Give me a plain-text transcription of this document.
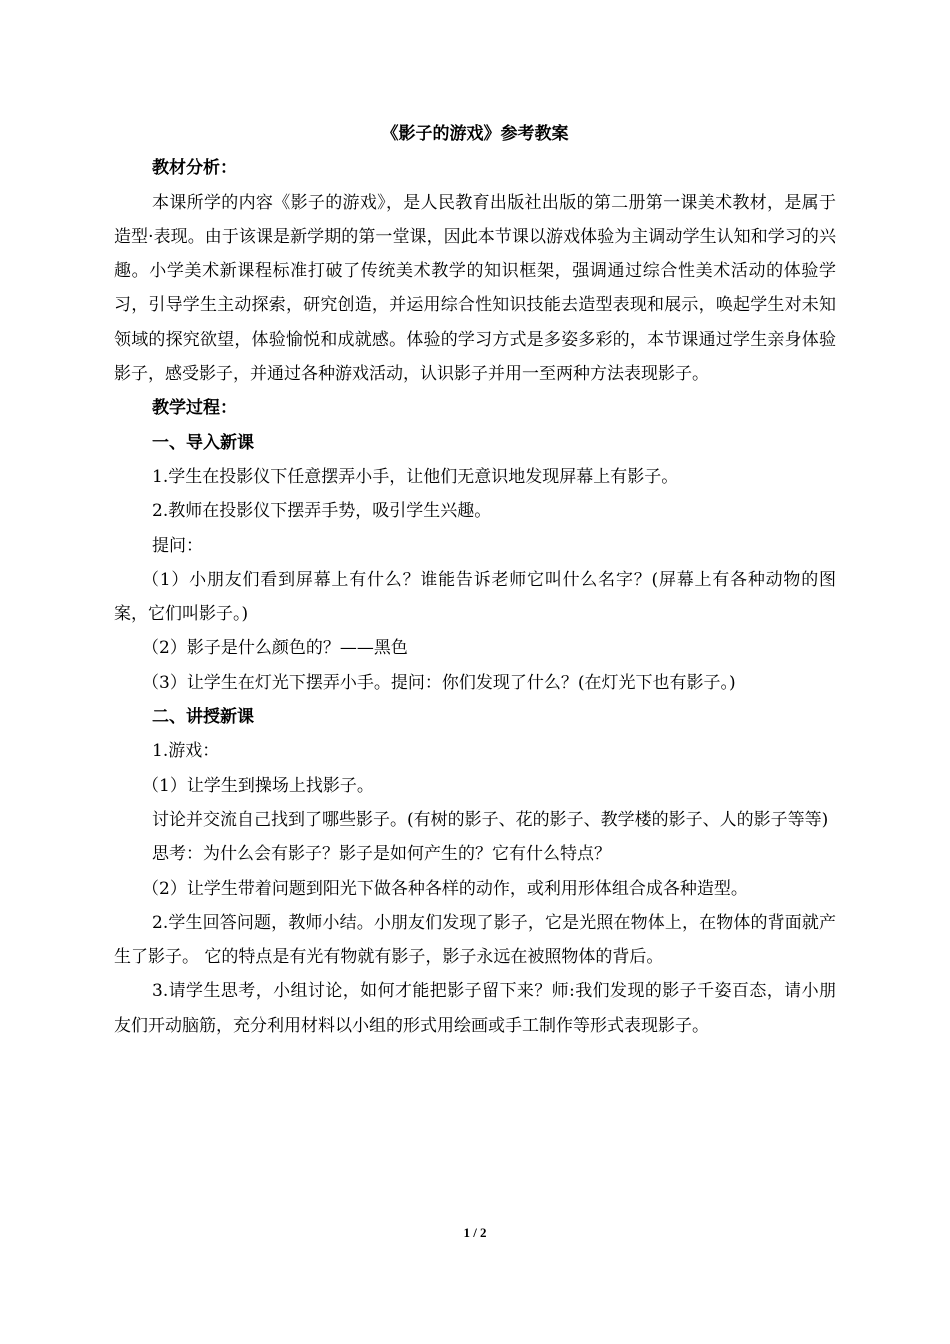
《影子的游戏》参考教案

教材分析：

本课所学的内容《影子的游戏》，是人民教育出版社出版的第二册第一课美术教材，是属于造型·表现。由于该课是新学期的第一堂课，因此本节课以游戏体验为主调动学生认知和学习的兴趣。小学美术新课程标准打破了传统美术教学的知识框架，强调通过综合性美术活动的体验学习，引导学生主动探索，研究创造，并运用综合性知识技能去造型表现和展示，唤起学生对未知领域的探究欲望，体验愉悦和成就感。体验的学习方式是多姿多彩的，本节课通过学生亲身体验影子，感受影子，并通过各种游戏活动，认识影子并用一至两种方法表现影子。

教学过程：

一、导入新课

1.学生在投影仪下任意摆弄小手，让他们无意识地发现屏幕上有影子。

2.教师在投影仪下摆弄手势，吸引学生兴趣。

提问：

（1）小朋友们看到屏幕上有什么？谁能告诉老师它叫什么名字？(屏幕上有各种动物的图案，它们叫影子。)

（2）影子是什么颜色的？——黑色

（3）让学生在灯光下摆弄小手。提问：你们发现了什么？(在灯光下也有影子。)

二、讲授新课

1.游戏：

（1）让学生到操场上找影子。

讨论并交流自己找到了哪些影子。(有树的影子、花的影子、教学楼的影子、人的影子等等)

思考：为什么会有影子？影子是如何产生的？它有什么特点？

（2）让学生带着问题到阳光下做各种各样的动作，或利用形体组合成各种造型。

2.学生回答问题，教师小结。小朋友们发现了影子，它是光照在物体上，在物体的背面就产生了影子。 它的特点是有光有物就有影子，影子永远在被照物体的背后。

3.请学生思考，小组讨论，如何才能把影子留下来？师:我们发现的影子千姿百态，请小朋友们开动脑筋，充分利用材料以小组的形式用绘画或手工制作等形式表现影子。

1 / 2
